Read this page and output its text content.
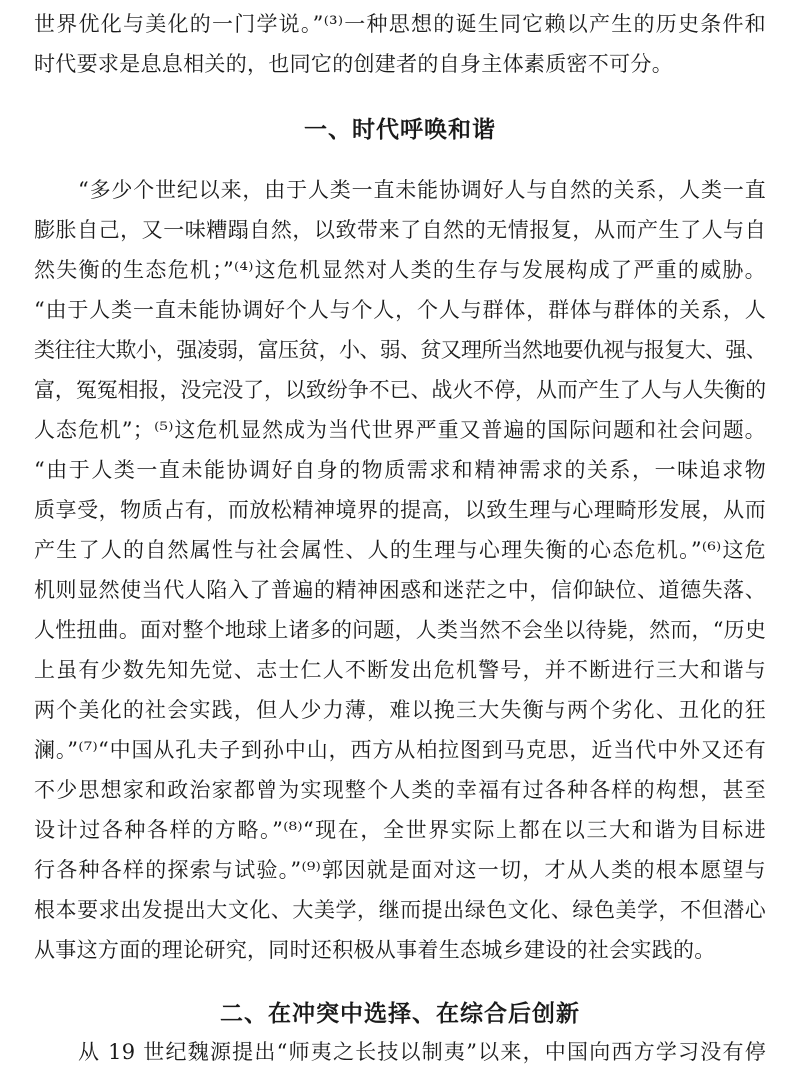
世界优化与美化的一门学说。”⁽³⁾一种思想的诞生同它赖以产生的历史条件和
时代要求是息息相关的，也同它的创建者的自身主体素质密不可分。
一、时代呼唤和谐
“多少个世纪以来，由于人类一直未能协调好人与自然的关系，人类一直
膨胀自己，又一味糟蹋自然，以致带来了自然的无情报复，从而产生了人与自
然失衡的生态危机；”⁽⁴⁾这危机显然对人类的生存与发展构成了严重的威胁。
“由于人类一直未能协调好个人与个人，个人与群体，群体与群体的关系，人
类往往大欺小，强凌弱，富压贫，小、弱、贫又理所当然地要仇视与报复大、强、
富，冤冤相报，没完没了，以致纷争不已、战火不停，从而产生了人与人失衡的
人态危机”；⁽⁵⁾这危机显然成为当代世界严重又普遍的国际问题和社会问题。
“由于人类一直未能协调好自身的物质需求和精神需求的关系，一味追求物
质享受，物质占有，而放松精神境界的提高，以致生理与心理畸形发展，从而
产生了人的自然属性与社会属性、人的生理与心理失衡的心态危机。”⁽⁶⁾这危
机则显然使当代人陷入了普遍的精神困惑和迷茫之中，信仰缺位、道德失落、
人性扭曲。面对整个地球上诸多的问题，人类当然不会坐以待毙，然而，“历史
上虽有少数先知先觉、志士仁人不断发出危机警号，并不断进行三大和谐与
两个美化的社会实践，但人少力薄，难以挽三大失衡与两个劣化、丑化的狂
澜。”⁽⁷⁾“中国从孔夫子到孙中山，西方从柏拉图到马克思，近当代中外又还有
不少思想家和政治家都曾为实现整个人类的幸福有过各种各样的构想，甚至
设计过各种各样的方略。”⁽⁸⁾“现在，全世界实际上都在以三大和谐为目标进
行各种各样的探索与试验。”⁽⁹⁾郭因就是面对这一切，才从人类的根本愿望与
根本要求出发提出大文化、大美学，继而提出绿色文化、绿色美学，不但潜心
从事这方面的理论研究，同时还积极从事着生态城乡建设的社会实践的。
二、在冲突中选择、在综合后创新
从 19 世纪魏源提出“师夷之长技以制夷”以来，中国向西方学习没有停
